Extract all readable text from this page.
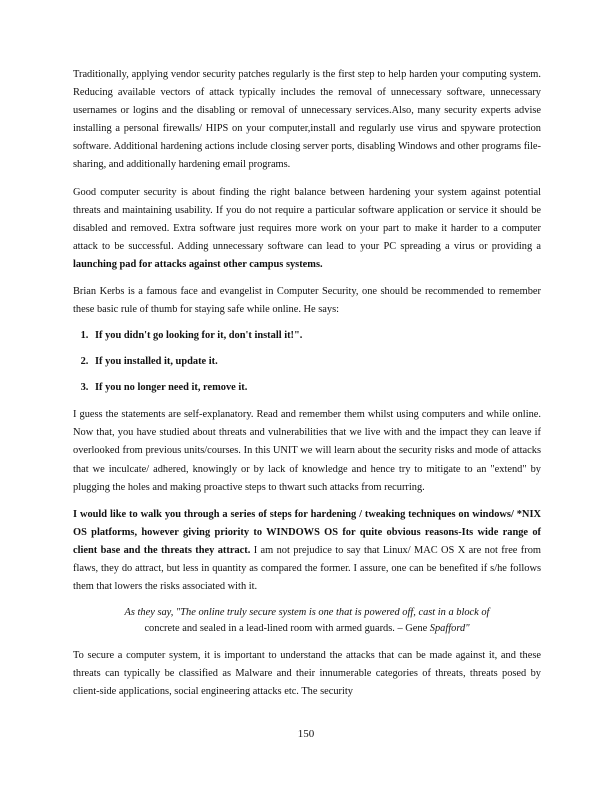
Traditionally, applying vendor security patches regularly is the first step to help harden your computing system. Reducing available vectors of attack typically includes the removal of unnecessary software, unnecessary usernames or logins and the disabling or removal of unnecessary services.Also, many security experts advise installing a personal firewalls/ HIPS on your computer,install and regularly use virus and spyware protection software. Additional hardening actions include closing server ports, disabling Windows and other programs file-sharing, and additionally hardening email programs.

Good computer security is about finding the right balance between hardening your system against potential threats and maintaining usability. If you do not require a particular software application or service it should be disabled and removed. Extra software just requires more work on your part to make it harder to a computer attack to be successful. Adding unnecessary software can lead to your PC spreading a virus or providing a launching pad for attacks against other campus systems.

Brian Kerbs is a famous face and evangelist in Computer Security, one should be recommended to remember these basic rule of thumb for staying safe while online. He says:

1. If you didn't go looking for it, don't install it!".
2. If you installed it, update it.
3. If you no longer need it, remove it.

I guess the statements are self-explanatory. Read and remember them whilst using computers and while online. Now that, you have studied about threats and vulnerabilities that we live with and the impact they can leave if overlooked from previous units/courses. In this UNIT we will learn about the security risks and mode of attacks that we inculcate/ adhered, knowingly or by lack of knowledge and hence try to mitigate to an "extend" by plugging the holes and making proactive steps to thwart such attacks from recurring.

I would like to walk you through a series of steps for hardening / tweaking techniques on windows/ *NIX OS platforms, however giving priority to WINDOWS OS for quite obvious reasons-Its wide range of client base and the threats they attract. I am not prejudice to say that Linux/ MAC OS X are not free from flaws, they do attract, but less in quantity as compared the former. I assure, one can be benefited if s/he follows them that lowers the risks associated with it.

As they say, "The online truly secure system is one that is powered off, cast in a block of
concrete and sealed in a lead-lined room with armed guards. – Gene Spafford"

To secure a computer system, it is important to understand the attacks that can be made against it, and these threats can typically be classified as Malware and their innumerable categories of threats, threats posed by client-side applications, social engineering attacks etc. The security

150
